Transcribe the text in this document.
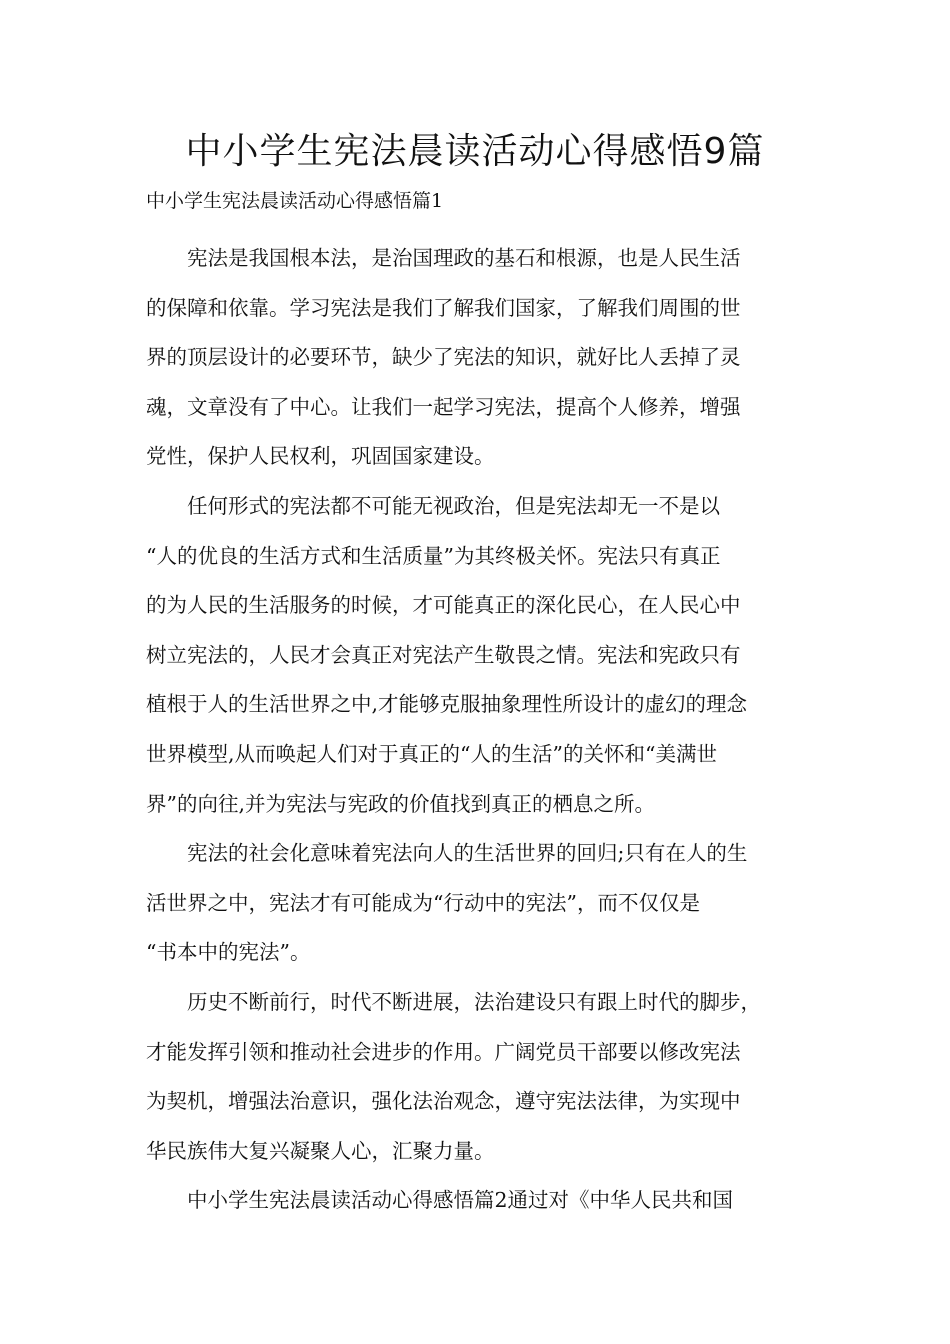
中小学生宪法晨读活动心得感悟9篇

中小学生宪法晨读活动心得感悟篇1

宪法是我国根本法，是治国理政的基石和根源，也是人民生活
的保障和依靠。学习宪法是我们了解我们国家，了解我们周围的世
界的顶层设计的必要环节，缺少了宪法的知识，就好比人丢掉了灵
魂，文章没有了中心。让我们一起学习宪法，提高个人修养，增强
党性，保护人民权利，巩固国家建设。

任何形式的宪法都不可能无视政治，但是宪法却无一不是以
“人的优良的生活方式和生活质量”为其终极关怀。宪法只有真正
的为人民的生活服务的时候，才可能真正的深化民心，在人民心中
树立宪法的，人民才会真正对宪法产生敬畏之情。宪法和宪政只有
植根于人的生活世界之中,才能够克服抽象理性所设计的虚幻的理念
世界模型,从而唤起人们对于真正的“人的生活”的关怀和“美满世
界”的向往,并为宪法与宪政的价值找到真正的栖息之所。

宪法的社会化意味着宪法向人的生活世界的回归;只有在人的生
活世界之中，宪法才有可能成为“行动中的宪法”，而不仅仅是
“书本中的宪法”。

历史不断前行，时代不断进展，法治建设只有跟上时代的脚步，
才能发挥引领和推动社会进步的作用。广阔党员干部要以修改宪法
为契机，增强法治意识，强化法治观念，遵守宪法法律，为实现中
华民族伟大复兴凝聚人心，汇聚力量。

中小学生宪法晨读活动心得感悟篇2通过对《中华人民共和国
